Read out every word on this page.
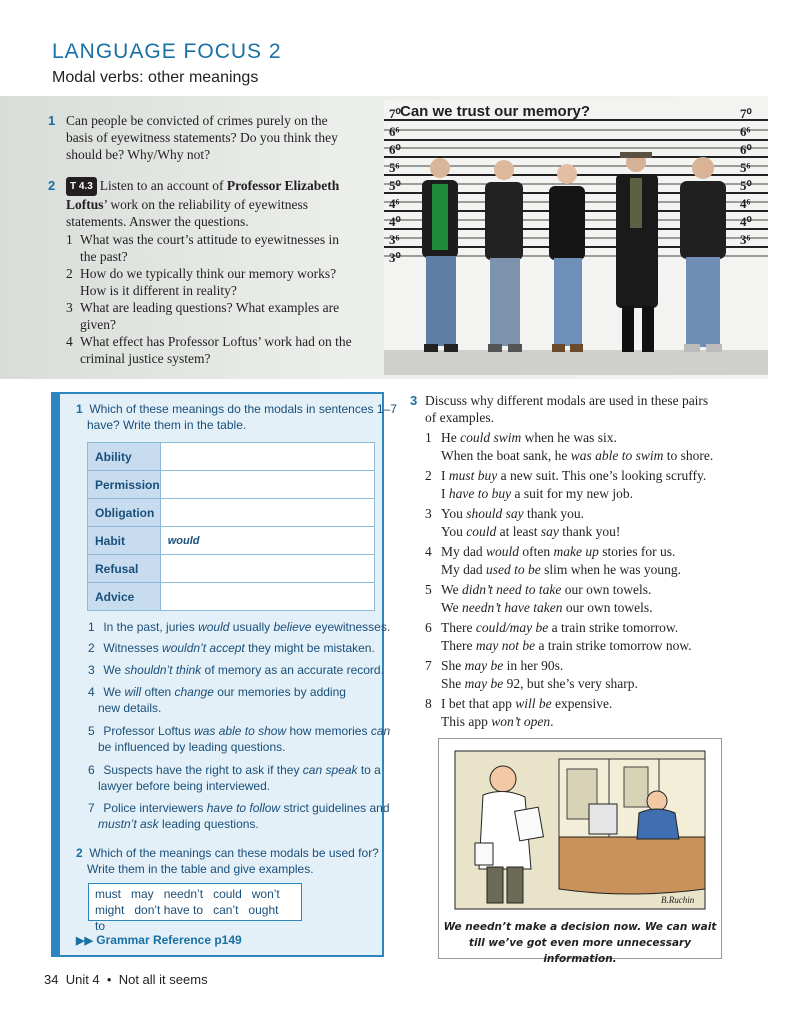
LANGUAGE FOCUS 2
Modal verbs: other meanings
1 Can people be convicted of crimes purely on the
basis of eyewitness statements? Do you think they
should be? Why/Why not?
2	T 4.3 Listen to an account of Professor Elizabeth
Loftus’ work on the reliability of eyewitness
statements. Answer the questions.
1 What was the court’s attitude to eyewitnesses in
the past?
2 How do we typically think our memory works?
How is it different in reality?
3 What are leading questions? What examples are
given?
4 What effect has Professor Loftus’ work had on the
criminal justice system?
Can we trust our memory?
7⁰
6⁶
6⁰
5⁶
5⁰
4⁶
4⁰
3⁶
3⁰
7⁰
6⁶
6⁰
5⁶
5⁰
4⁶
4⁰
3⁶
1 Which of these meanings do the modals in sentences 1–7
have? Write them in the table.
Ability	
Permission	
Obligation	
Habit	would
Refusal	
Advice	
1 In the past, juries would usually believe eyewitnesses.
2 Witnesses wouldn’t accept they might be mistaken.
3 We shouldn’t think of memory as an accurate record.
4 We will often change our memories by adding
new details.
5 Professor Loftus was able to show how memories can
be influenced by leading questions.
6 Suspects have the right to ask if they can speak to a
lawyer before being interviewed.
7 Police interviewers have to follow strict guidelines and
mustn’t ask leading questions.
2 Which of the meanings can these modals be used for?
Write them in the table and give examples.
must may needn’t could won’t
might don’t have to can’t ought to
▶▶ Grammar Reference p149
3 Discuss why different modals are used in these pairs
of examples.
1 He could swim when he was six.
When the boat sank, he was able to swim to shore.
2 I must buy a new suit. This one’s looking scruffy.
I have to buy a suit for my new job.
3 You should say thank you.
You could at least say thank you!
4 My dad would often make up stories for us.
My dad used to be slim when he was young.
5 We didn’t need to take our own towels.
We needn’t have taken our own towels.
6 There could/may be a train strike tomorrow.
There may not be a train strike tomorrow now.
7 She may be in her 90s.
She may be 92, but she’s very sharp.
8 I bet that app will be expensive.
This app won’t open.
B.Ruchin
We needn’t make a decision now. We can wait
till we’ve got even more unnecessary information.
34 Unit 4 • Not all it seems
